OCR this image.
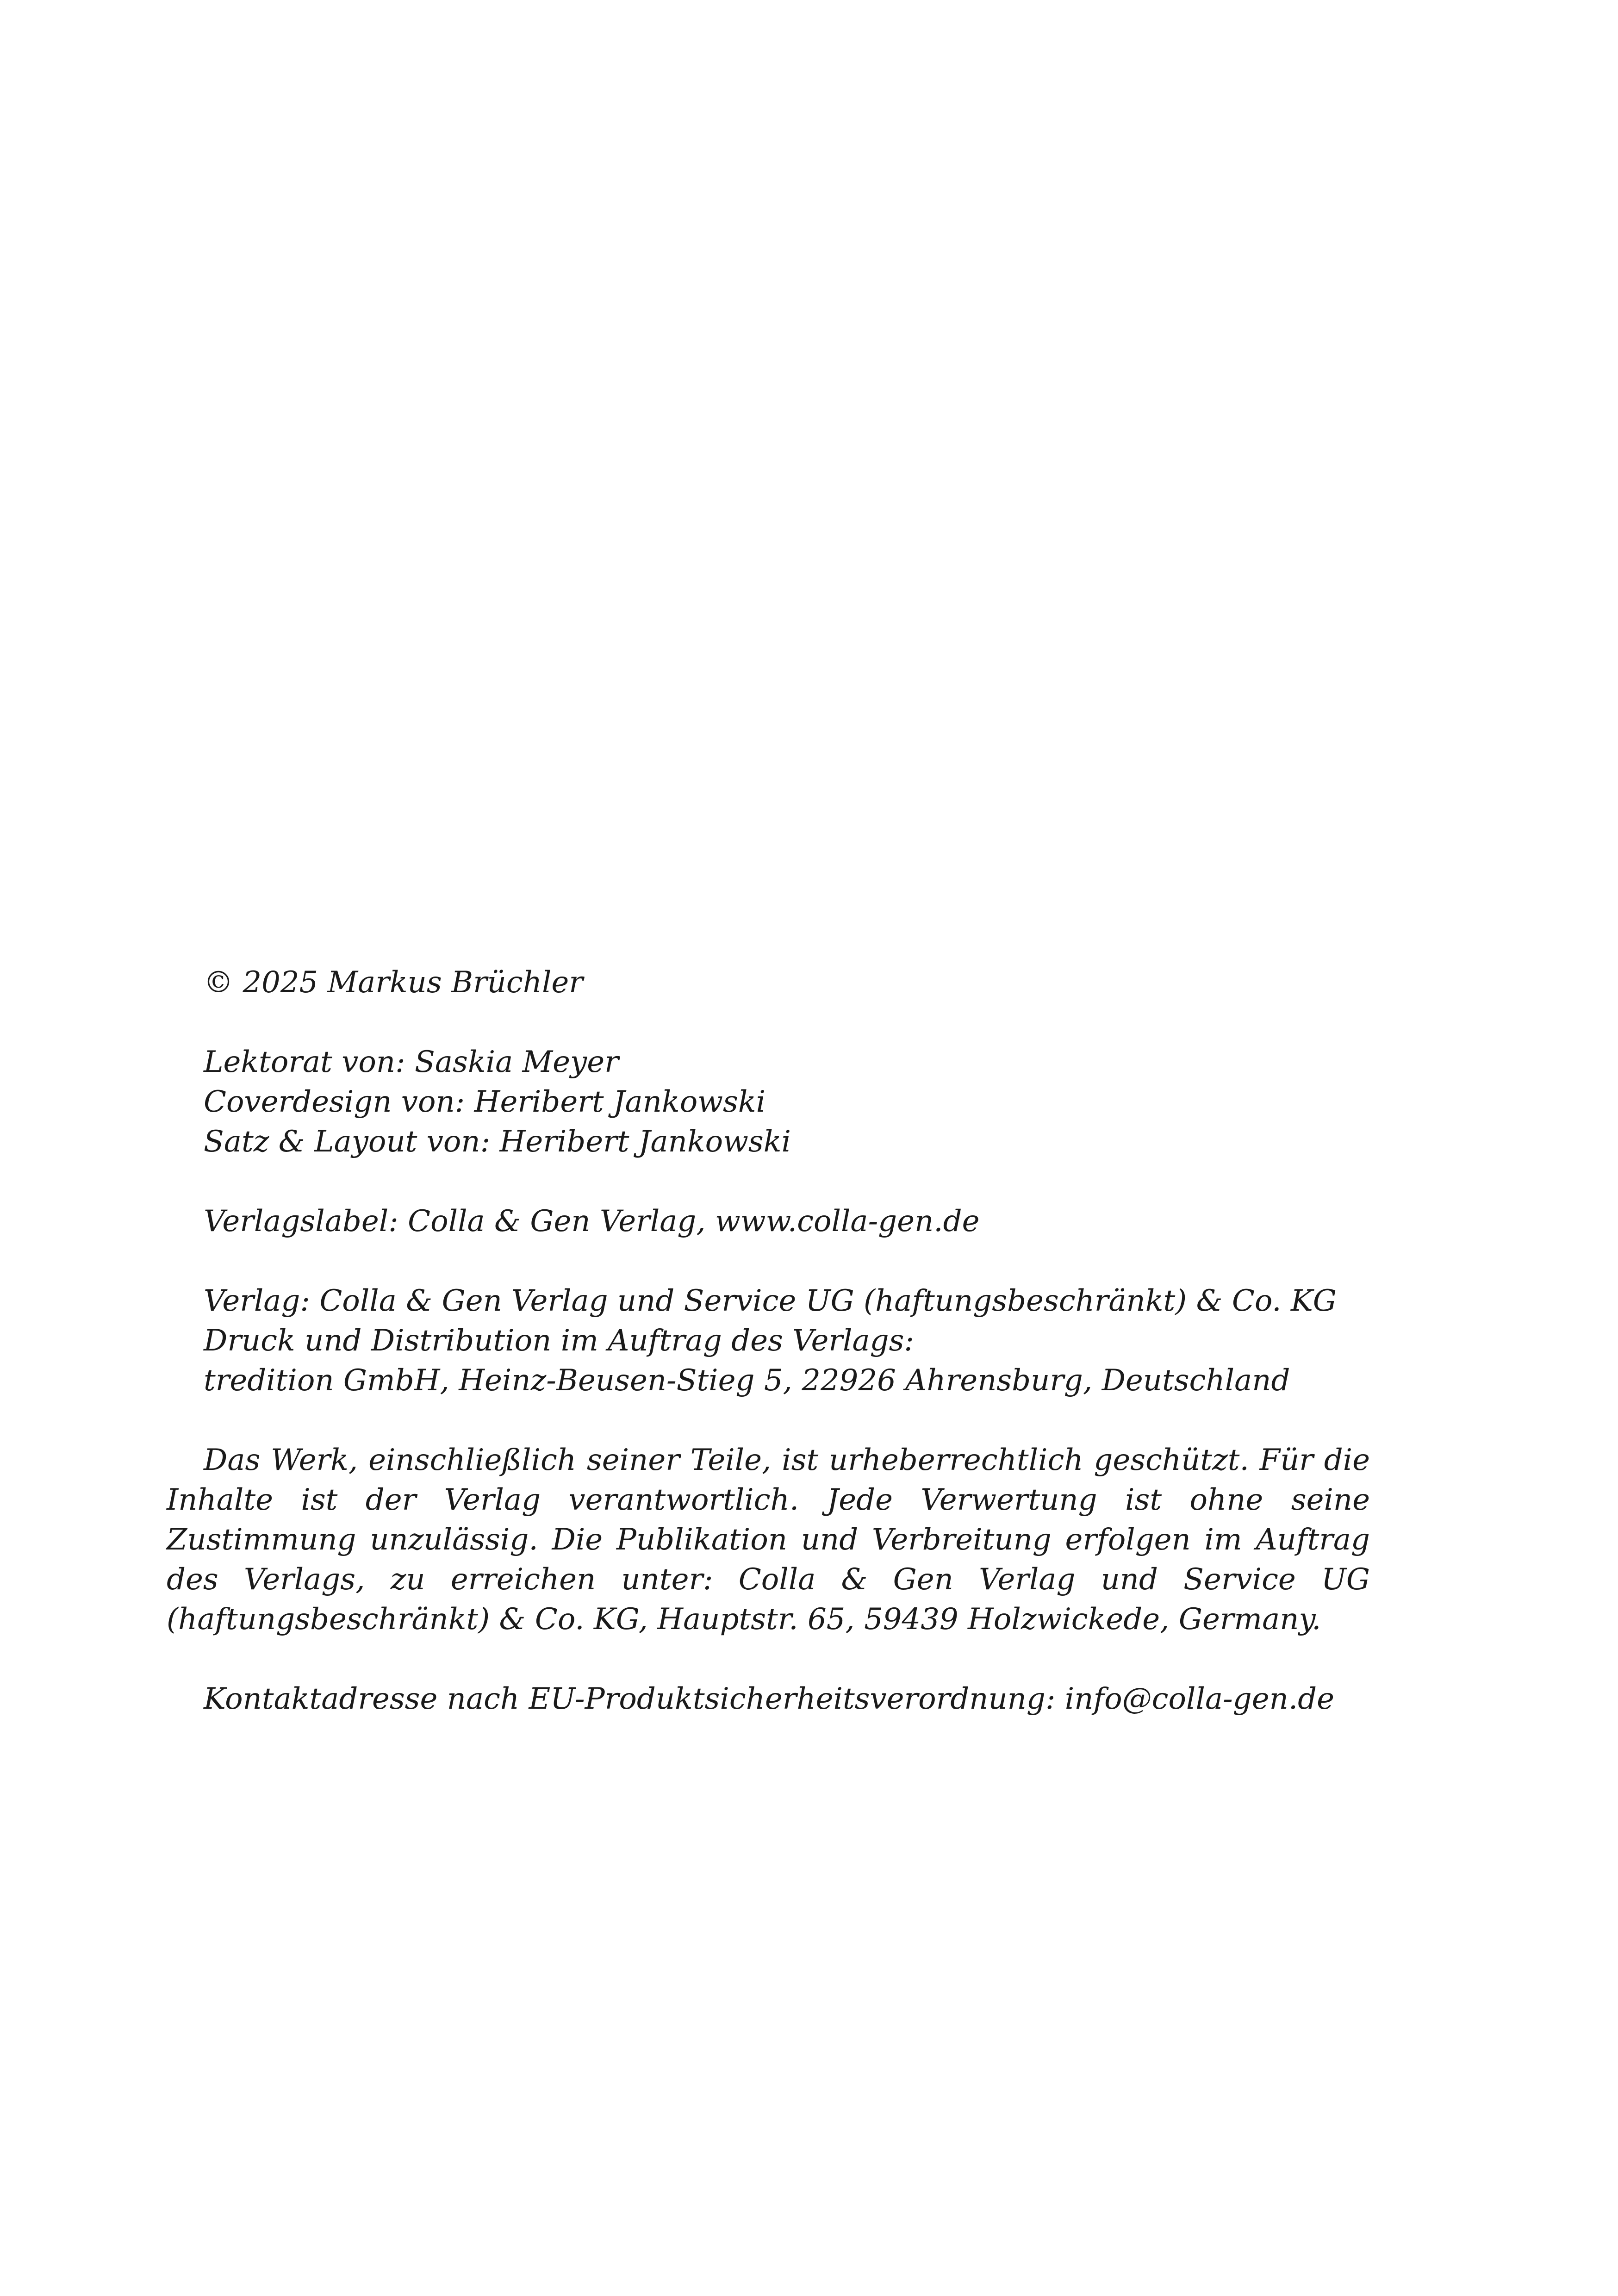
© 2025 Markus Brüchler
Lektorat von: Saskia Meyer
Coverdesign von: Heribert Jankowski
Satz & Layout von: Heribert Jankowski
Verlagslabel: Colla & Gen Verlag, www.colla-gen.de
Verlag: Colla & Gen Verlag und Service UG (haftungsbeschränkt) & Co. KG
Druck und Distribution im Auftrag des Verlags:
tredition GmbH, Heinz-Beusen-Stieg 5, 22926 Ahrensburg, Deutschland

Das Werk, einschließlich seiner Teile, ist urheberrechtlich geschützt. Für die Inhalte ist der Verlag verantwortlich. Jede Verwertung ist ohne seine Zustimmung unzulässig. Die Publikation und Verbreitung erfolgen im Auftrag des Verlags, zu erreichen unter: Colla & Gen Verlag und Service UG (haftungsbeschränkt) & Co. KG, Hauptstr. 65, 59439 Holzwickede, Germany.

Kontaktadresse nach EU-Produktsicherheitsverordnung: info@colla-gen.de
